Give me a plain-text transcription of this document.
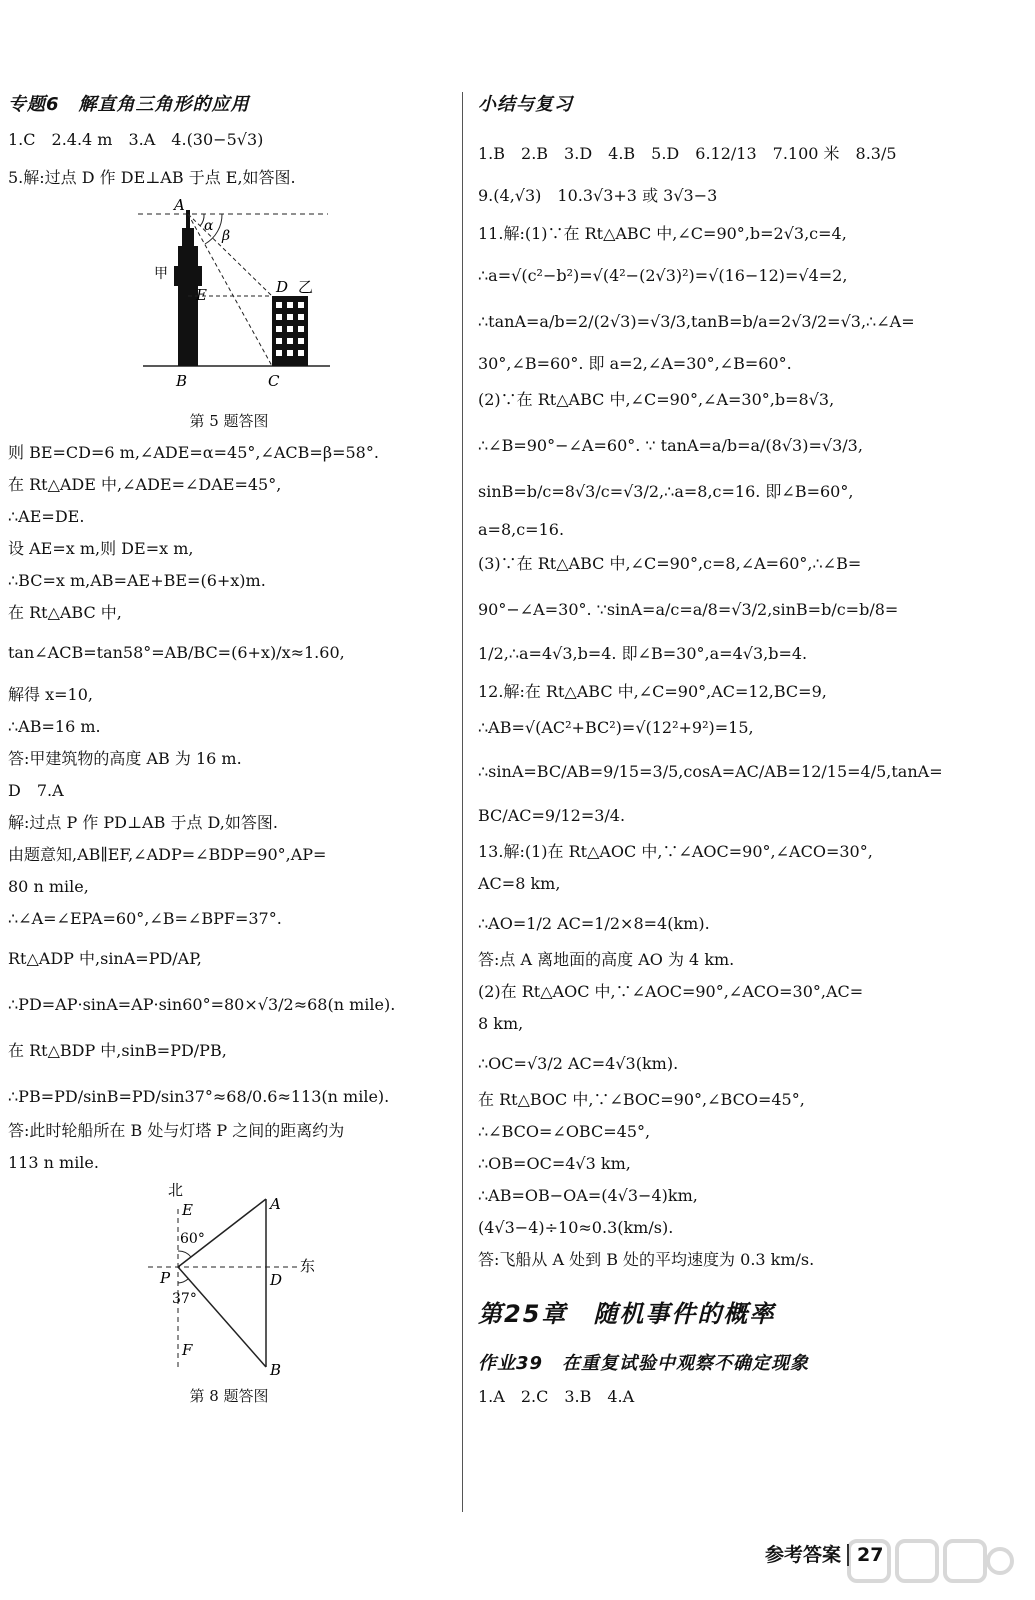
专题6　解直角三角形的应用

1.C　2.4.4 m　3.A　4.(30−5√3)

5.解:过点 D 作 DE⊥AB 于点 E,如答图.

A
α
β
甲
E	D 乙
B	C

第 5 题答图

则 BE=CD=6 m,∠ADE=α=45°,∠ACB=β=58°.

在 Rt△ADE 中,∠ADE=∠DAE=45°,

∴AE=DE.

设 AE=x m,则 DE=x m,

∴BC=x m,AB=AE+BE=(6+x)m.

在 Rt△ABC 中,

tan∠ACB=tan58°=AB/BC=(6+x)/x≈1.60,

解得 x=10,

∴AB=16 m.

答:甲建筑物的高度 AB 为 16 m.

D　7.A

解:过点 P 作 PD⊥AB 于点 D,如答图.

由题意知,AB∥EF,∠ADP=∠BDP=90°,AP=

80 n mile,

∴∠A=∠EPA=60°,∠B=∠BPF=37°.

Rt△ADP 中,sinA=PD/AP,

∴PD=AP·sinA=AP·sin60°=80×√3/2≈68(n mile).

在 Rt△BDP 中,sinB=PD/PB,

∴PB=PD/sinB=PD/sin37°≈68/0.6≈113(n mile).

答:此时轮船所在 B 处与灯塔 P 之间的距离约为

113 n mile.

北
E	A
60°
东
P	D
37°
F
B

第 8 题答图

小结与复习

1.B　2.B　3.D　4.B　5.D　6.12/13　7.100 米　8.3/5

9.(4,√3)　10.3√3+3 或 3√3−3

11.解:(1)∵在 Rt△ABC 中,∠C=90°,b=2√3,c=4,

∴a=√(c²−b²)=√(4²−(2√3)²)=√(16−12)=√4=2,

∴tanA=a/b=2/(2√3)=√3/3,tanB=b/a=2√3/2=√3,∴∠A=

30°,∠B=60°. 即 a=2,∠A=30°,∠B=60°.

(2)∵在 Rt△ABC 中,∠C=90°,∠A=30°,b=8√3,

∴∠B=90°−∠A=60°. ∵ tanA=a/b=a/(8√3)=√3/3,

sinB=b/c=8√3/c=√3/2,∴a=8,c=16. 即∠B=60°,

a=8,c=16.

(3)∵在 Rt△ABC 中,∠C=90°,c=8,∠A=60°,∴∠B=

90°−∠A=30°. ∵sinA=a/c=a/8=√3/2,sinB=b/c=b/8=

1/2,∴a=4√3,b=4. 即∠B=30°,a=4√3,b=4.

12.解:在 Rt△ABC 中,∠C=90°,AC=12,BC=9,

∴AB=√(AC²+BC²)=√(12²+9²)=15,

∴sinA=BC/AB=9/15=3/5,cosA=AC/AB=12/15=4/5,tanA=

BC/AC=9/12=3/4.

13.解:(1)在 Rt△AOC 中,∵∠AOC=90°,∠ACO=30°,

AC=8 km,

∴AO=1/2 AC=1/2×8=4(km).

答:点 A 离地面的高度 AO 为 4 km.

(2)在 Rt△AOC 中,∵∠AOC=90°,∠ACO=30°,AC=

8 km,

∴OC=√3/2 AC=4√3(km).

在 Rt△BOC 中,∵∠BOC=90°,∠BCO=45°,

∴∠BCO=∠OBC=45°,

∴OB=OC=4√3 km,

∴AB=OB−OA=(4√3−4)km,

(4√3−4)÷10≈0.3(km/s).

答:飞船从 A 处到 B 处的平均速度为 0.3 km/s.

第25章　随机事件的概率
作业39　在重复试验中观察不确定现象

1.A　2.C　3.B　4.A

参考答案 27
